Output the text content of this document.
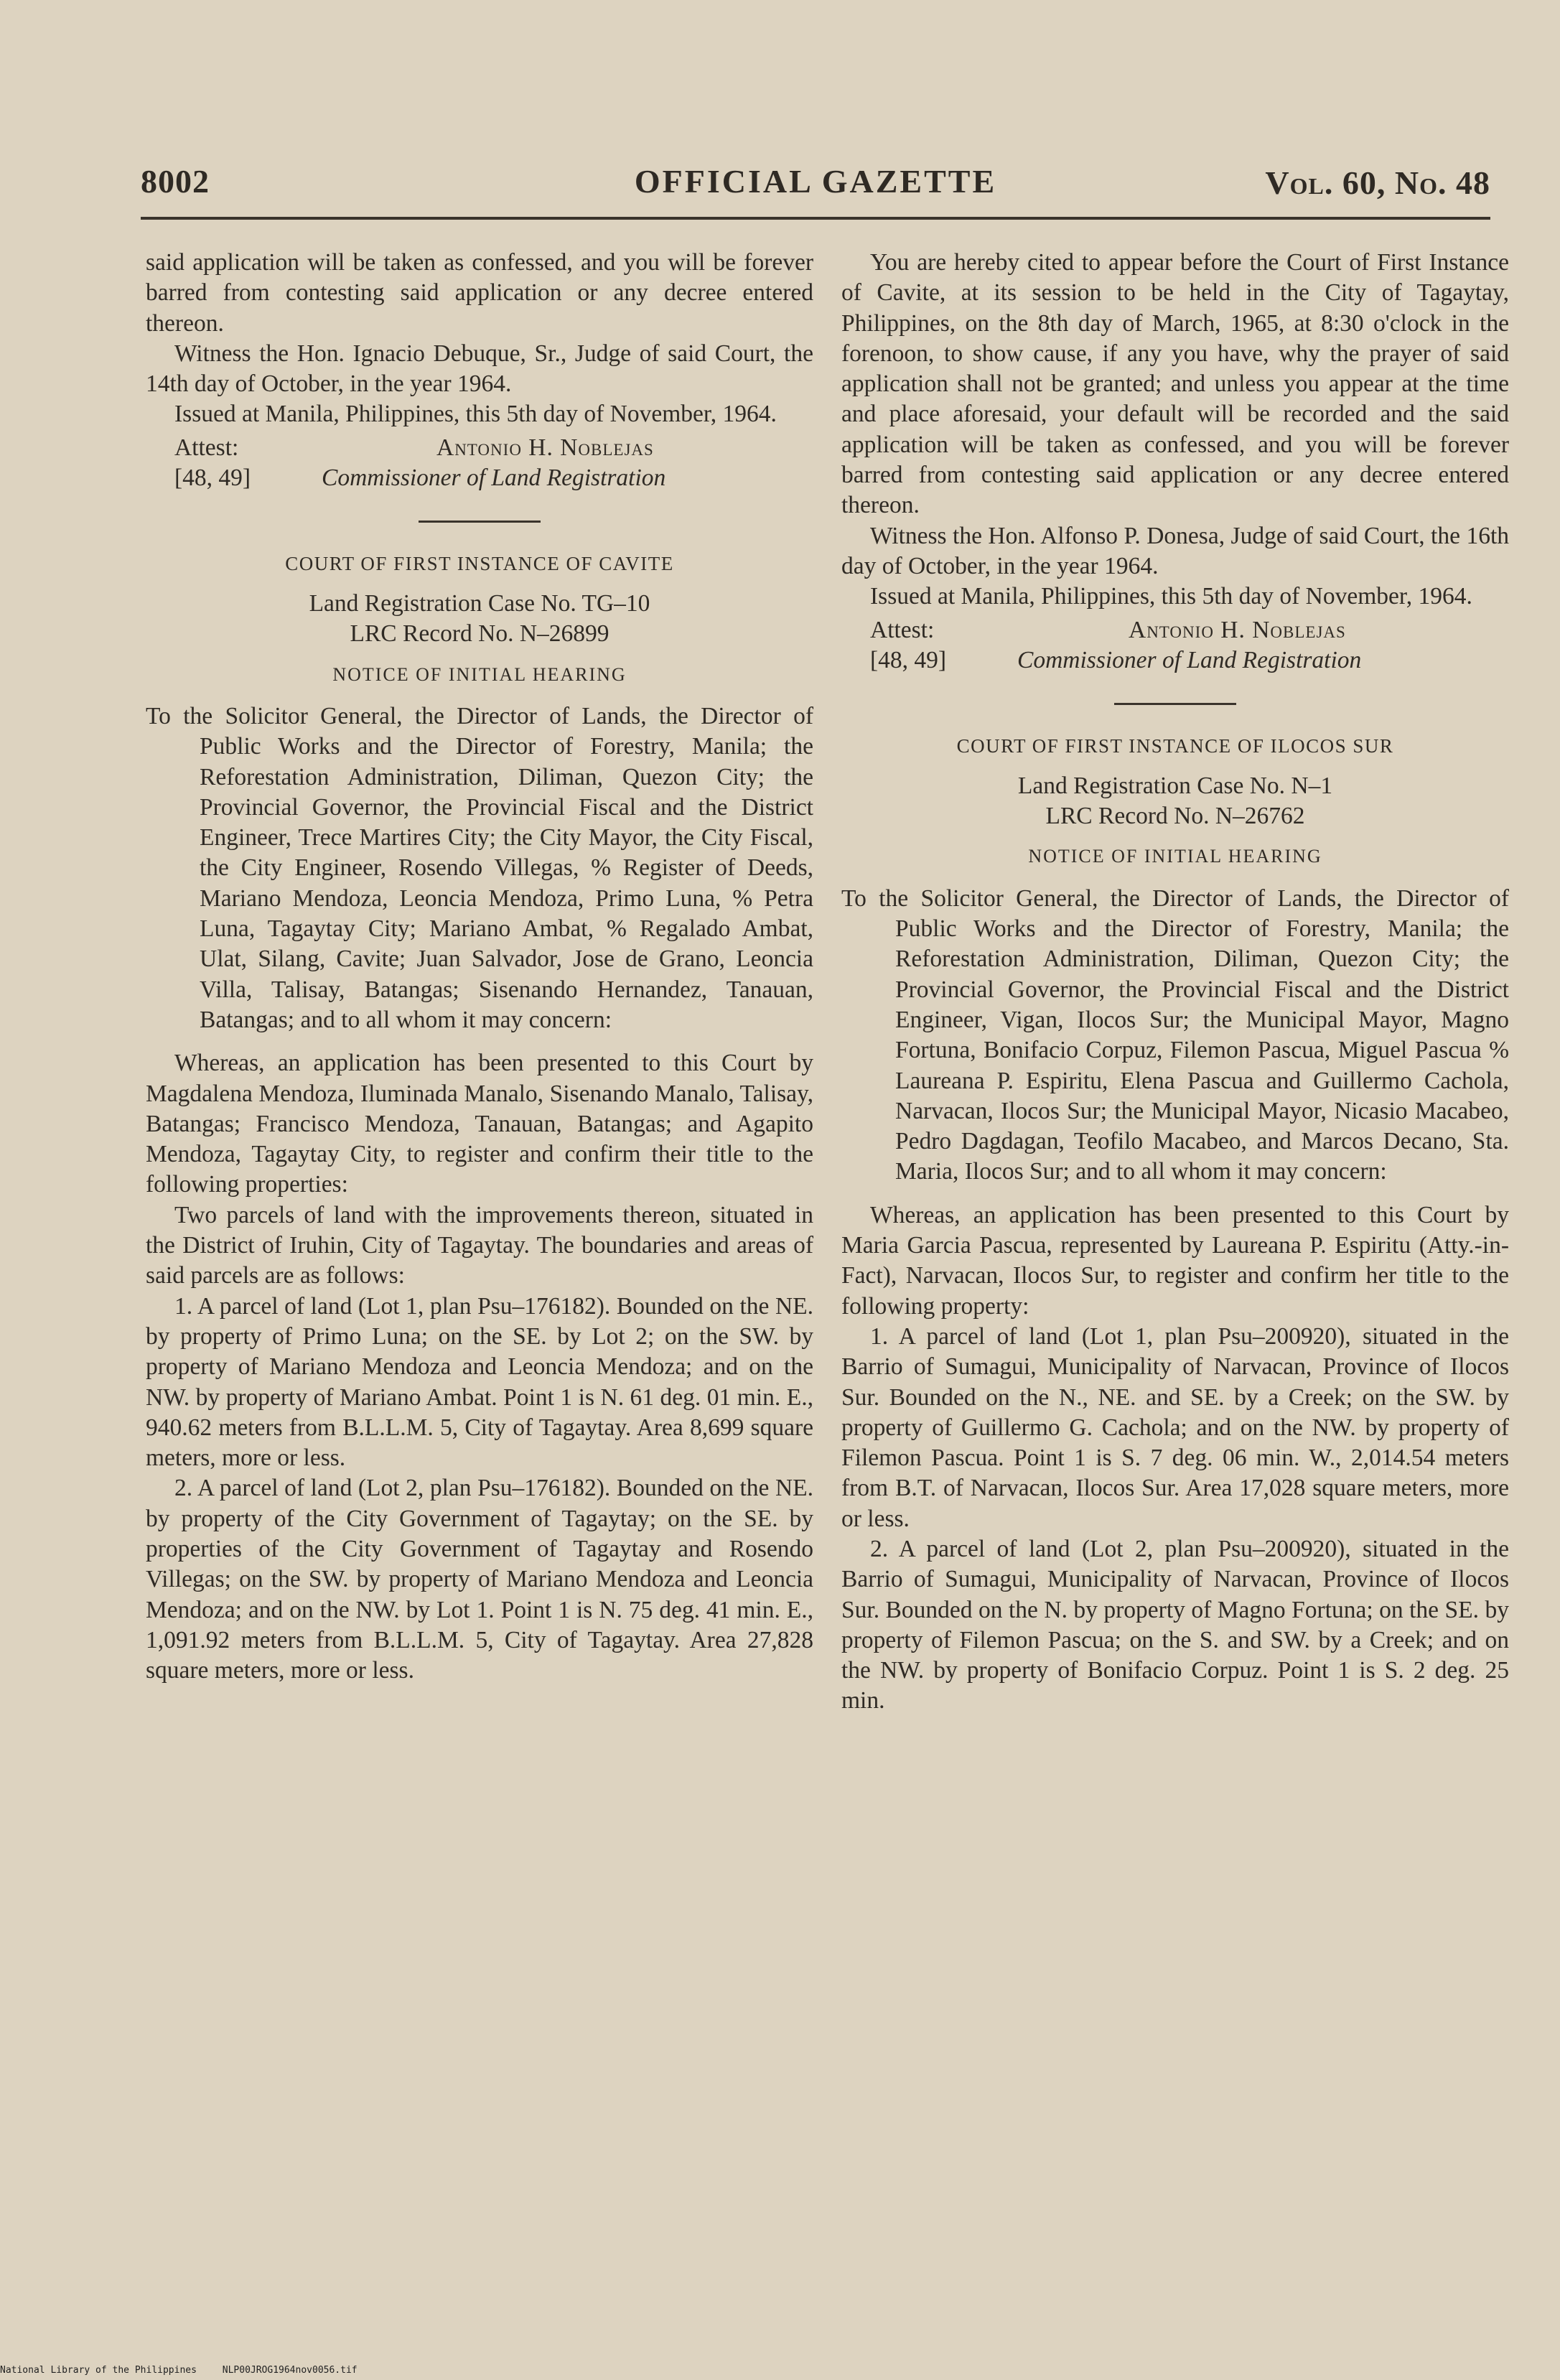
8002	OFFICIAL GAZETTE	Vol. 60, No. 48

said application will be taken as confessed, and you will be forever barred from contesting said application or any decree entered thereon.

Witness the Hon. Ignacio Debuque, Sr., Judge of said Court, the 14th day of October, in the year 1964.

Issued at Manila, Philippines, this 5th day of November, 1964.

Attest:
[48, 49]
Antonio H. Noblejas
Commissioner of Land Registration

COURT OF FIRST INSTANCE OF CAVITE

Land Registration Case No. TG–10

LRC Record No. N–26899

NOTICE OF INITIAL HEARING

To the Solicitor General, the Director of Lands, the Director of Public Works and the Director of Forestry, Manila; the Reforestation Administration, Diliman, Quezon City; the Provincial Governor, the Provincial Fiscal and the District Engineer, Trece Martires City; the City Mayor, the City Fiscal, the City Engineer, Rosendo Villegas, % Register of Deeds, Mariano Mendoza, Leoncia Mendoza, Primo Luna, % Petra Luna, Tagaytay City; Mariano Ambat, % Regalado Ambat, Ulat, Silang, Cavite; Juan Salvador, Jose de Grano, Leoncia Villa, Talisay, Batangas; Sisenando Hernandez, Tanauan, Batangas; and to all whom it may concern:

Whereas, an application has been presented to this Court by Magdalena Mendoza, Iluminada Manalo, Sisenando Manalo, Talisay, Batangas; Francisco Mendoza, Tanauan, Batangas; and Agapito Mendoza, Tagaytay City, to register and confirm their title to the following properties:

Two parcels of land with the improvements thereon, situated in the District of Iruhin, City of Tagaytay. The boundaries and areas of said parcels are as follows:

1. A parcel of land (Lot 1, plan Psu–176182). Bounded on the NE. by property of Primo Luna; on the SE. by Lot 2; on the SW. by property of Mariano Mendoza and Leoncia Mendoza; and on the NW. by property of Mariano Ambat. Point 1 is N. 61 deg. 01 min. E., 940.62 meters from B.L.L.M. 5, City of Tagaytay. Area 8,699 square meters, more or less.

2. A parcel of land (Lot 2, plan Psu–176182). Bounded on the NE. by property of the City Government of Tagaytay; on the SE. by properties of the City Government of Tagaytay and Rosendo Villegas; on the SW. by property of Mariano Mendoza and Leoncia Mendoza; and on the NW. by Lot 1. Point 1 is N. 75 deg. 41 min. E., 1,091.92 meters from B.L.L.M. 5, City of Tagaytay. Area 27,828 square meters, more or less.

You are hereby cited to appear before the Court of First Instance of Cavite, at its session to be held in the City of Tagaytay, Philippines, on the 8th day of March, 1965, at 8:30 o'clock in the forenoon, to show cause, if any you have, why the prayer of said application shall not be granted; and unless you appear at the time and place aforesaid, your default will be recorded and the said application will be taken as confessed, and you will be forever barred from contesting said application or any decree entered thereon.

Witness the Hon. Alfonso P. Donesa, Judge of said Court, the 16th day of October, in the year 1964.

Issued at Manila, Philippines, this 5th day of November, 1964.

Attest:
[48, 49]
Antonio H. Noblejas
Commissioner of Land Registration

COURT OF FIRST INSTANCE OF ILOCOS SUR

Land Registration Case No. N–1

LRC Record No. N–26762

NOTICE OF INITIAL HEARING

To the Solicitor General, the Director of Lands, the Director of Public Works and the Director of Forestry, Manila; the Reforestation Administration, Diliman, Quezon City; the Provincial Governor, the Provincial Fiscal and the District Engineer, Vigan, Ilocos Sur; the Municipal Mayor, Magno Fortuna, Bonifacio Corpuz, Filemon Pascua, Miguel Pascua % Laureana P. Espiritu, Elena Pascua and Guillermo Cachola, Narvacan, Ilocos Sur; the Municipal Mayor, Nicasio Macabeo, Pedro Dagdagan, Teofilo Macabeo, and Marcos Decano, Sta. Maria, Ilocos Sur; and to all whom it may concern:

Whereas, an application has been presented to this Court by Maria Garcia Pascua, represented by Laureana P. Espiritu (Atty.-in-Fact), Narvacan, Ilocos Sur, to register and confirm her title to the following property:

1. A parcel of land (Lot 1, plan Psu–200920), situated in the Barrio of Sumagui, Municipality of Narvacan, Province of Ilocos Sur. Bounded on the N., NE. and SE. by a Creek; on the SW. by property of Guillermo G. Cachola; and on the NW. by property of Filemon Pascua. Point 1 is S. 7 deg. 06 min. W., 2,014.54 meters from B.T. of Narvacan, Ilocos Sur. Area 17,028 square meters, more or less.

2. A parcel of land (Lot 2, plan Psu–200920), situated in the Barrio of Sumagui, Municipality of Narvacan, Province of Ilocos Sur. Bounded on the N. by property of Magno Fortuna; on the SE. by property of Filemon Pascua; on the S. and SW. by a Creek; and on the NW. by property of Bonifacio Corpuz. Point 1 is S. 2 deg. 25 min.

National Library of the Philippines	NLP00JROG1964nov0056.tif
